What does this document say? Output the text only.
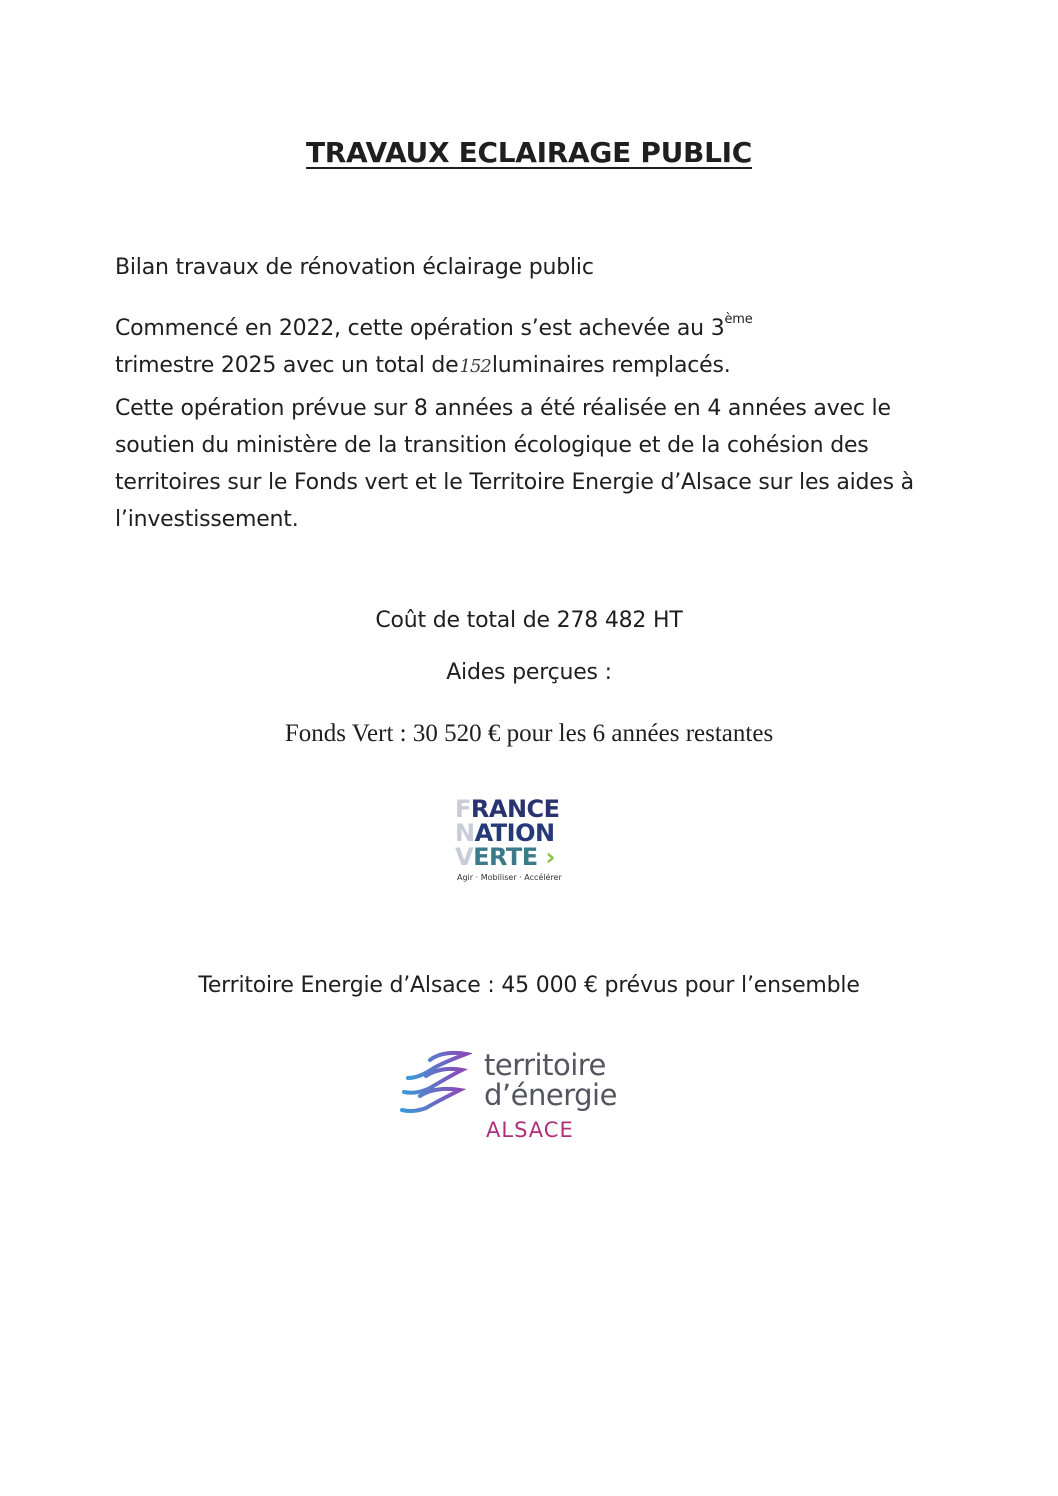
TRAVAUX ECLAIRAGE PUBLIC

Bilan travaux de rénovation éclairage public

Commencé en 2022, cette opération s’est achevée au 3ème
trimestre 2025 avec un total de152luminaires remplacés.

Cette opération prévue sur 8 années a été réalisée en 4 années avec le soutien du ministère de la transition écologique et de la cohésion des territoires sur le Fonds vert et le Territoire Energie d’Alsace sur les aides à l’investissement.

Coût de total de 278 482 HT
Aides perçues :
Fonds Vert : 30 520 € pour les 6 années restantes
FRANCE
NATION
VERTE ›
Agir · Mobiliser · Accélérer
Territoire Energie d’Alsace : 45 000 € prévus pour l’ensemble
territoire
d’énergie
ALSACE
